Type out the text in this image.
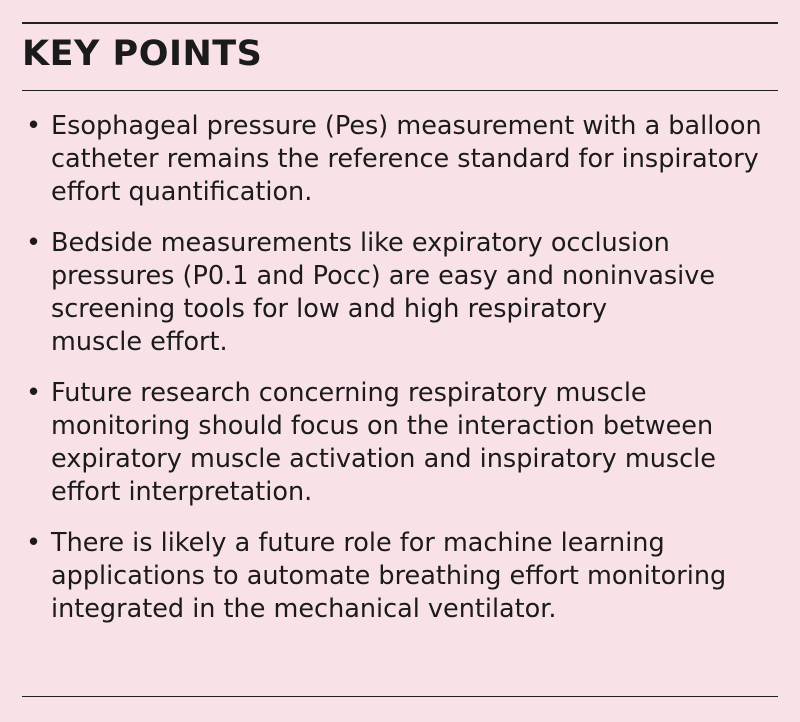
KEY POINTS
• Esophageal pressure (Pes) measurement with a balloon
catheter remains the reference standard for inspiratory
effort quantification.
• Bedside measurements like expiratory occlusion
pressures (P0.1 and Pocc) are easy and noninvasive
screening tools for low and high respiratory
muscle effort.
• Future research concerning respiratory muscle
monitoring should focus on the interaction between
expiratory muscle activation and inspiratory muscle
effort interpretation.
• There is likely a future role for machine learning
applications to automate breathing effort monitoring
integrated in the mechanical ventilator.
